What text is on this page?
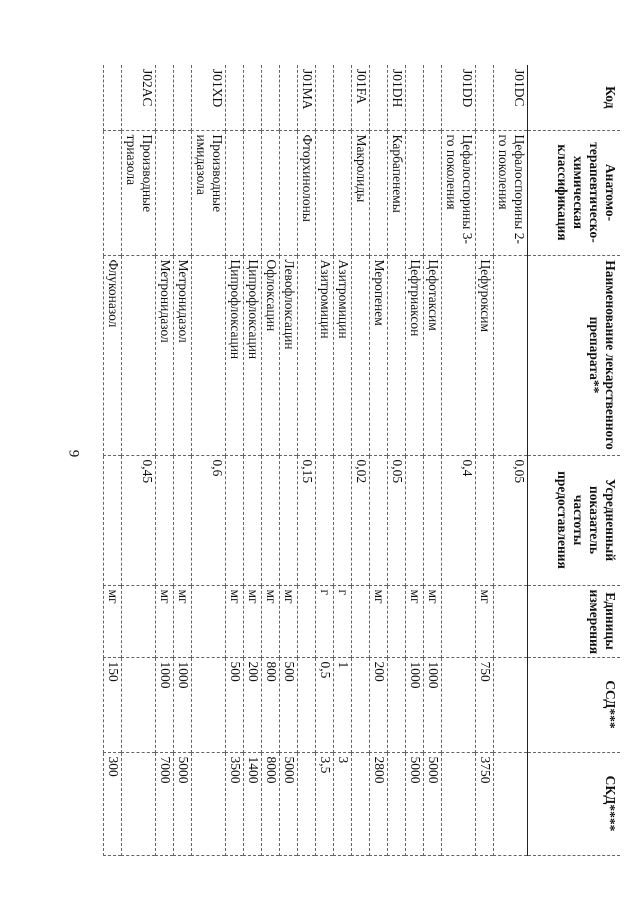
9
Код	Анатомо-терапевтическо-химическая классификация	Наименование лекарственного препарата**	Усредненный показатель частоты предоставления	Единицы измерения	ССД***	СКД****
J01DC	Цефалоспорины 2-го поколения		0,05			
		Цефуроксим		мг	750	3750
J01DD	Цефалоспорины 3-го поколения		0,4			
		Цефотаксим		мг	1000	5000
		Цефтриаксон		мг	1000	5000
J01DH	Карбапенемы		0,05			
		Меропенем		мг	200	2800
J01FA	Макролиды		0,02			
		Азитромицин		г	1	3
		Азитромицин		г	0,5	3,5
J01MA	Фторхинолоны		0,15			
		Левофлоксацин		мг	500	5000
		Офлоксацин		мг	800	8000
		Ципрофлоксацин		мг	200	1400
		Ципрофлоксацин		мг	500	3500
J01XD	Производные имидазола		0,6			
		Метронидазол		мг	1000	5000
		Метронидазол		мг	1000	7000
J02AC	Производные триазола		0,45			
		Флуконазол		мг	150	300
